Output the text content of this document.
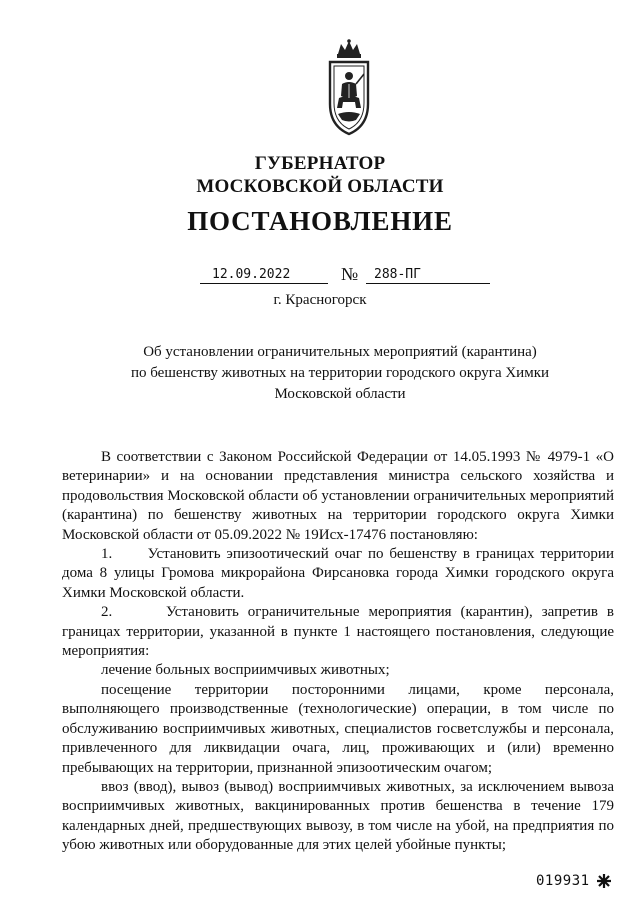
ГУБЕРНАТОР
МОСКОВСКОЙ ОБЛАСТИ
ПОСТАНОВЛЕНИЕ
12.09.2022	№	288-ПГ
г. Красногорск
Об установлении ограничительных мероприятий (карантина)
по бешенству животных на территории городского округа Химки
Московской области

В соответствии с Законом Российской Федерации от 14.05.1993 № 4979-1 «О ветеринарии» и на основании представления министра сельского хозяйства и продовольствия Московской области об установлении ограничительных мероприятий (карантина) по бешенству животных на территории городского округа Химки Московской области от 05.09.2022 № 19Исх-17476 постановляю:

1.      Установить эпизоотический очаг по бешенству в границах территории дома 8 улицы Громова микрорайона Фирсановка города Химки городского округа Химки Московской области.

2.      Установить ограничительные мероприятия (карантин), запретив в границах территории, указанной в пункте 1 настоящего постановления, следующие мероприятия:

лечение больных восприимчивых животных;

посещение территории посторонними лицами, кроме персонала, выполняющего производственные (технологические) операции, в том числе по обслуживанию восприимчивых животных, специалистов госветслужбы и персонала, привлеченного для ликвидации очага, лиц, проживающих и (или) временно пребывающих на территории, признанной эпизоотическим очагом;

ввоз (ввод), вывоз (вывод) восприимчивых животных, за исключением вывоза восприимчивых животных, вакцинированных против бешенства в течение 179 календарных дней, предшествующих вывозу, в том числе на убой, на предприятия по убою животных или оборудованные для этих целей убойные пункты;

019931
